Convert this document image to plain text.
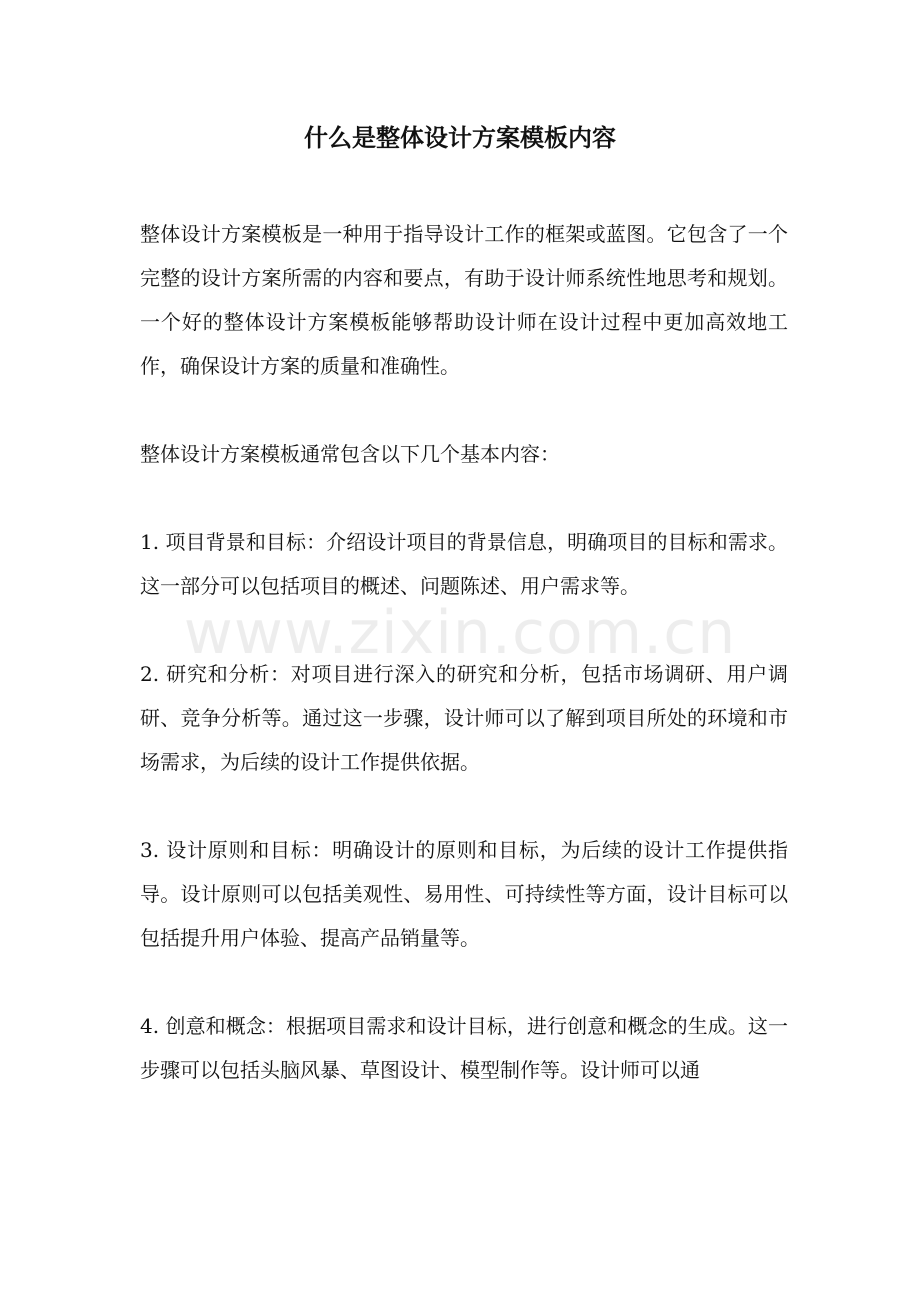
什么是整体设计方案模板内容
www.zixin.com.cn

整体设计方案模板是一种用于指导设计工作的框架或蓝图。它包含了一个完整的设计方案所需的内容和要点，有助于设计师系统性地思考和规划。一个好的整体设计方案模板能够帮助设计师在设计过程中更加高效地工作，确保设计方案的质量和准确性。

整体设计方案模板通常包含以下几个基本内容：

1. 项目背景和目标：介绍设计项目的背景信息，明确项目的目标和需求。这一部分可以包括项目的概述、问题陈述、用户需求等。

2. 研究和分析：对项目进行深入的研究和分析，包括市场调研、用户调研、竞争分析等。通过这一步骤，设计师可以了解到项目所处的环境和市场需求，为后续的设计工作提供依据。

3. 设计原则和目标：明确设计的原则和目标，为后续的设计工作提供指导。设计原则可以包括美观性、易用性、可持续性等方面，设计目标可以包括提升用户体验、提高产品销量等。

4. 创意和概念：根据项目需求和设计目标，进行创意和概念的生成。这一步骤可以包括头脑风暴、草图设计、模型制作等。设计师可以通
